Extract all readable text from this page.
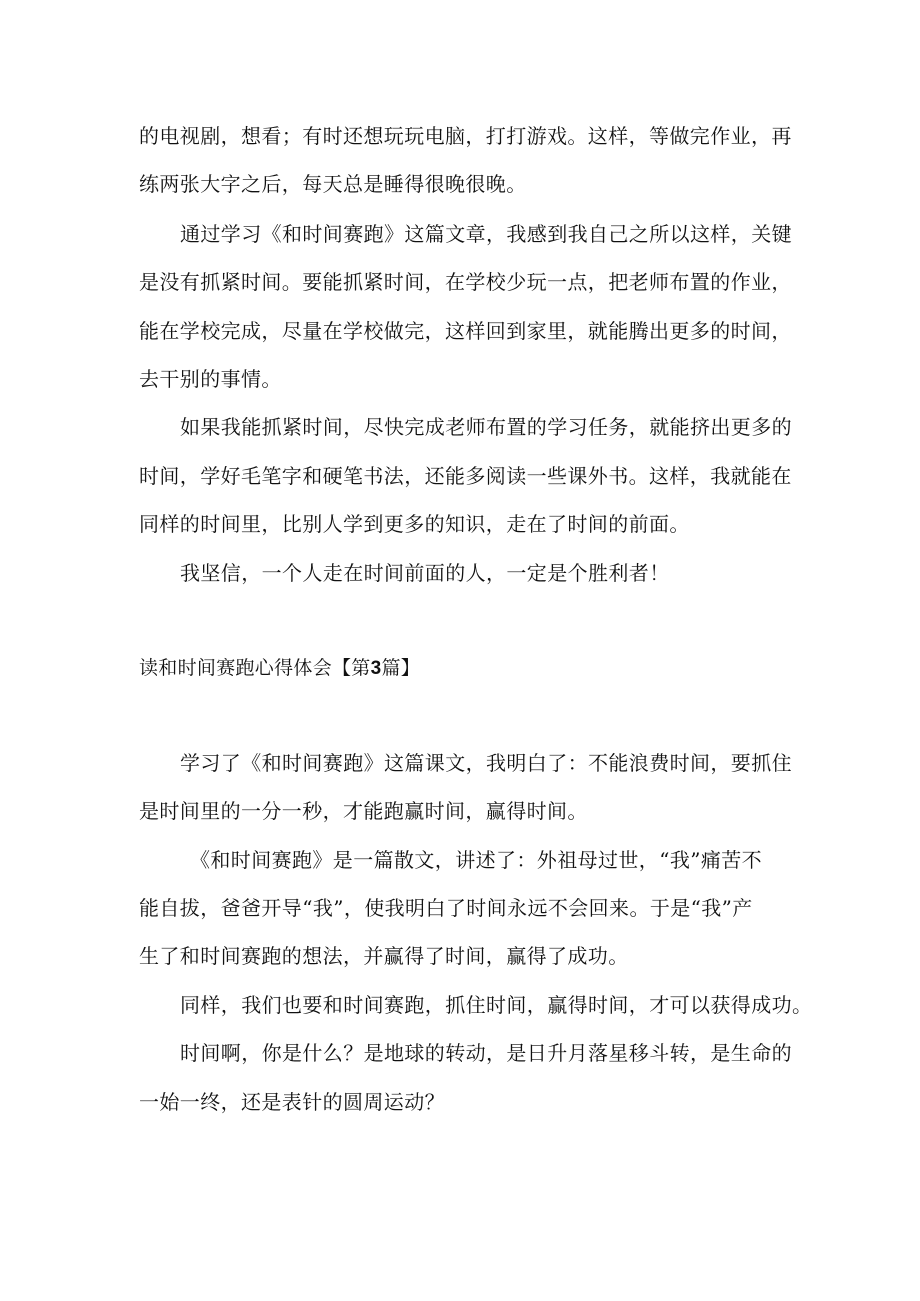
的电视剧，想看；有时还想玩玩电脑，打打游戏。这样，等做完作业，再
练两张大字之后，每天总是睡得很晚很晚。
通过学习《和时间赛跑》这篇文章，我感到我自己之所以这样，关键
是没有抓紧时间。要能抓紧时间，在学校少玩一点，把老师布置的作业，
能在学校完成，尽量在学校做完，这样回到家里，就能腾出更多的时间，
去干别的事情。
如果我能抓紧时间，尽快完成老师布置的学习任务，就能挤出更多的
时间，学好毛笔字和硬笔书法，还能多阅读一些课外书。这样，我就能在
同样的时间里，比别人学到更多的知识，走在了时间的前面。
我坚信，一个人走在时间前面的人，一定是个胜利者！
读和时间赛跑心得体会【第3篇】
学习了《和时间赛跑》这篇课文，我明白了：不能浪费时间，要抓住
是时间里的一分一秒，才能跑赢时间，赢得时间。
《和时间赛跑》是一篇散文，讲述了：外祖母过世，“我”痛苦不
能自拔，爸爸开导“我”，使我明白了时间永远不会回来。于是“我”产
生了和时间赛跑的想法，并赢得了时间，赢得了成功。
同样，我们也要和时间赛跑，抓住时间，赢得时间，才可以获得成功。
时间啊，你是什么？是地球的转动，是日升月落星移斗转，是生命的
一始一终，还是表针的圆周运动？
